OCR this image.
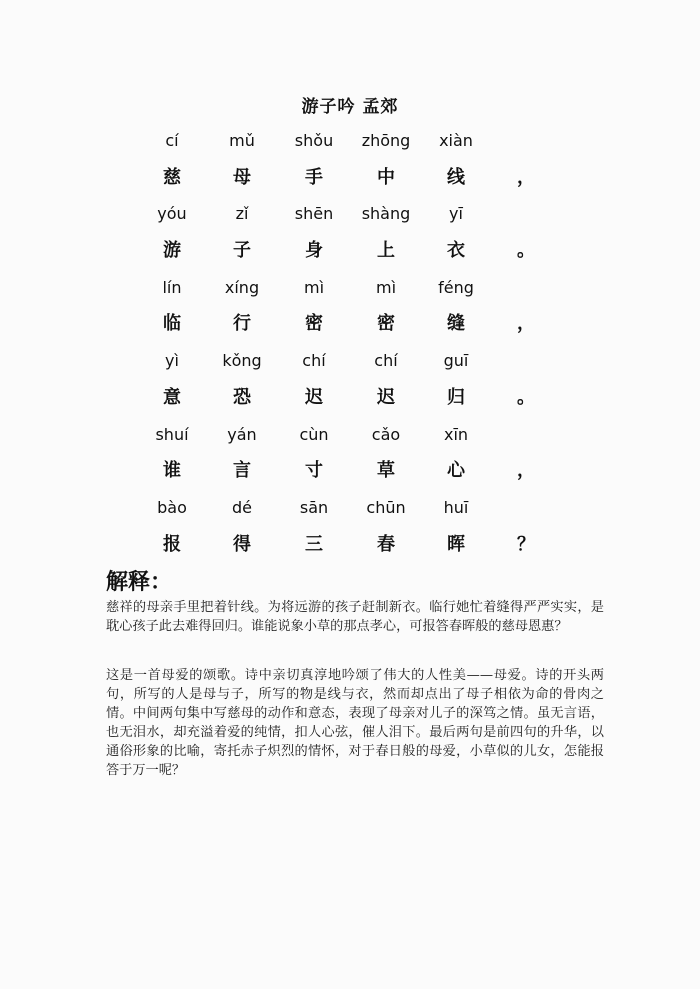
游子吟 孟郊
cí	mǔ	shǒu	zhōng	xiàn
慈	母	手	中	线	，
yóu	zǐ	shēn	shàng	yī
游	子	身	上	衣	。
lín	xíng	mì	mì	féng
临	行	密	密	缝	，
yì	kǒng	chí	chí	guī
意	恐	迟	迟	归	。
shuí	yán	cùn	cǎo	xīn
谁	言	寸	草	心	，
bào	dé	sān	chūn	huī
报	得	三	春	晖	？
解释：
慈祥的母亲手里把着针线。为将远游的孩子赶制新衣。临行她忙着缝得严严实实，是耽心孩子此去难得回归。谁能说象小草的那点孝心，可报答春晖般的慈母恩惠？
这是一首母爱的颂歌。诗中亲切真淳地吟颂了伟大的人性美——母爱。诗的开头两句，所写的人是母与子，所写的物是线与衣，然而却点出了母子相依为命的骨肉之情。中间两句集中写慈母的动作和意态，表现了母亲对儿子的深笃之情。虽无言语，也无泪水，却充溢着爱的纯情，扣人心弦，催人泪下。最后两句是前四句的升华，以通俗形象的比喻，寄托赤子炽烈的情怀，对于春日般的母爱，小草似的儿女，怎能报答于万一呢？
